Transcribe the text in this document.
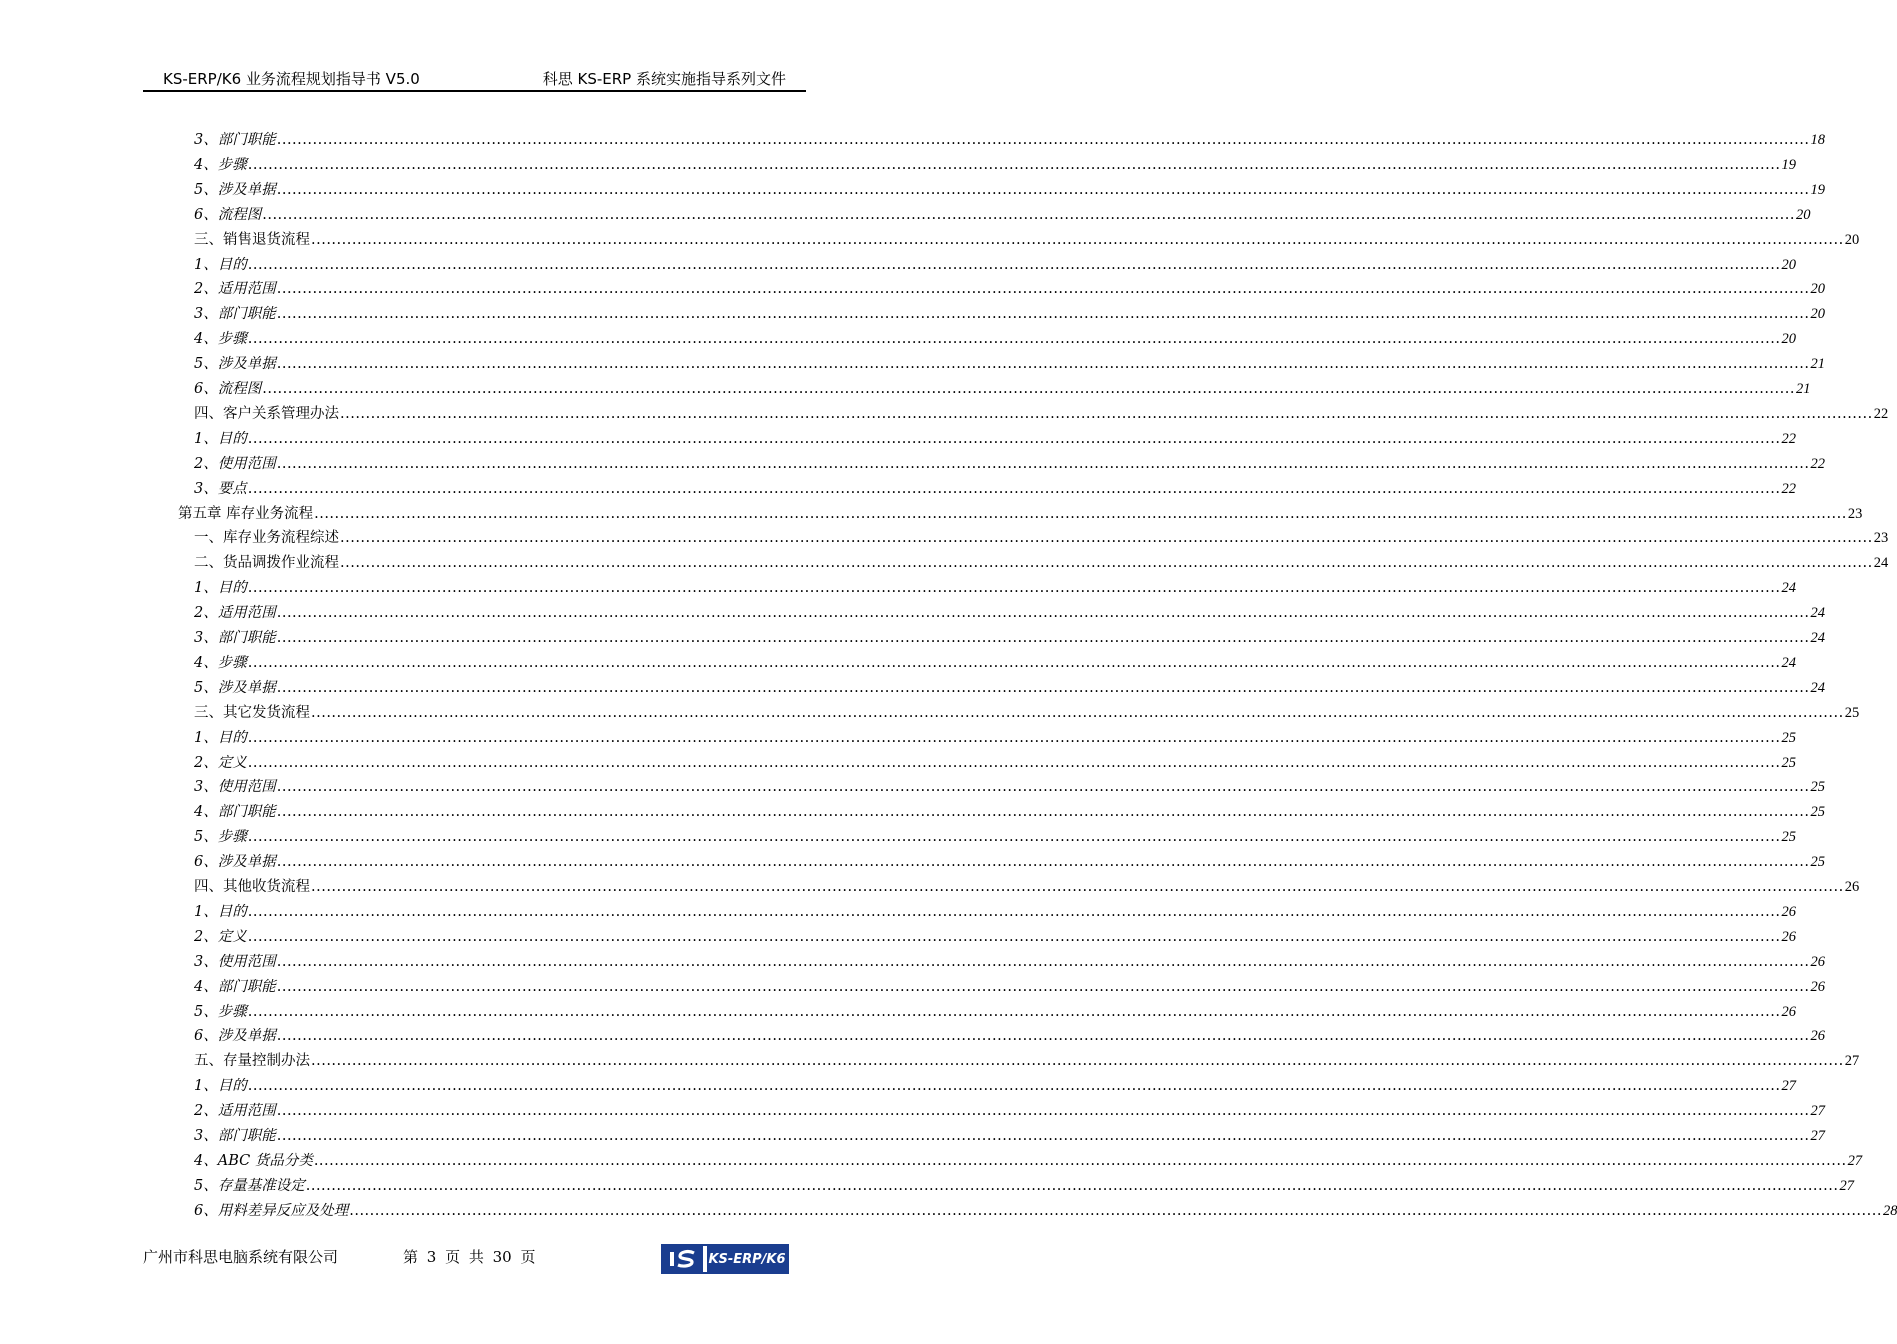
KS-ERP/K6 业务流程规划指导书 V5.0	科思 KS-ERP 系统实施指导系列文件
3、部门职能 ............................................................................................................................................................................................................................................................................................................ 18
4、步骤 ............................................................................................................................................................................................................................................................................................................ 19
5、涉及单据 ............................................................................................................................................................................................................................................................................................................ 19
6、流程图 ............................................................................................................................................................................................................................................................................................................ 20
三、销售退货流程 ............................................................................................................................................................................................................................................................................................................ 20
1、目的 ............................................................................................................................................................................................................................................................................................................ 20
2、适用范围 ............................................................................................................................................................................................................................................................................................................ 20
3、部门职能 ............................................................................................................................................................................................................................................................................................................ 20
4、步骤 ............................................................................................................................................................................................................................................................................................................ 20
5、涉及单据 ............................................................................................................................................................................................................................................................................................................ 21
6、流程图 ............................................................................................................................................................................................................................................................................................................ 21
四、客户关系管理办法 ............................................................................................................................................................................................................................................................................................................ 22
1、目的 ............................................................................................................................................................................................................................................................................................................ 22
2、使用范围 ............................................................................................................................................................................................................................................................................................................ 22
3、要点 ............................................................................................................................................................................................................................................................................................................ 22
第五章 库存业务流程 ............................................................................................................................................................................................................................................................................................................ 23
一、库存业务流程综述 ............................................................................................................................................................................................................................................................................................................ 23
二、货品调拨作业流程 ............................................................................................................................................................................................................................................................................................................ 24
1、目的 ............................................................................................................................................................................................................................................................................................................ 24
2、适用范围 ............................................................................................................................................................................................................................................................................................................ 24
3、部门职能 ............................................................................................................................................................................................................................................................................................................ 24
4、步骤 ............................................................................................................................................................................................................................................................................................................ 24
5、涉及单据 ............................................................................................................................................................................................................................................................................................................ 24
三、其它发货流程 ............................................................................................................................................................................................................................................................................................................ 25
1、目的 ............................................................................................................................................................................................................................................................................................................ 25
2、定义 ............................................................................................................................................................................................................................................................................................................ 25
3、使用范围 ............................................................................................................................................................................................................................................................................................................ 25
4、部门职能 ............................................................................................................................................................................................................................................................................................................ 25
5、步骤 ............................................................................................................................................................................................................................................................................................................ 25
6、涉及单据 ............................................................................................................................................................................................................................................................................................................ 25
四、其他收货流程 ............................................................................................................................................................................................................................................................................................................ 26
1、目的 ............................................................................................................................................................................................................................................................................................................ 26
2、定义 ............................................................................................................................................................................................................................................................................................................ 26
3、使用范围 ............................................................................................................................................................................................................................................................................................................ 26
4、部门职能 ............................................................................................................................................................................................................................................................................................................ 26
5、步骤 ............................................................................................................................................................................................................................................................................................................ 26
6、涉及单据 ............................................................................................................................................................................................................................................................................................................ 26
五、存量控制办法 ............................................................................................................................................................................................................................................................................................................ 27
1、目的 ............................................................................................................................................................................................................................................................................................................ 27
2、适用范围 ............................................................................................................................................................................................................................................................................................................ 27
3、部门职能 ............................................................................................................................................................................................................................................................................................................ 27
4、ABC 货品分类 ............................................................................................................................................................................................................................................................................................................ 27
5、存量基准设定 ............................................................................................................................................................................................................................................................................................................ 27
6、用料差异反应及处理 ............................................................................................................................................................................................................................................................................................................ 28
广州市科思电脑系统有限公司	第 3 页 共 30 页	KS-ERP/K6
